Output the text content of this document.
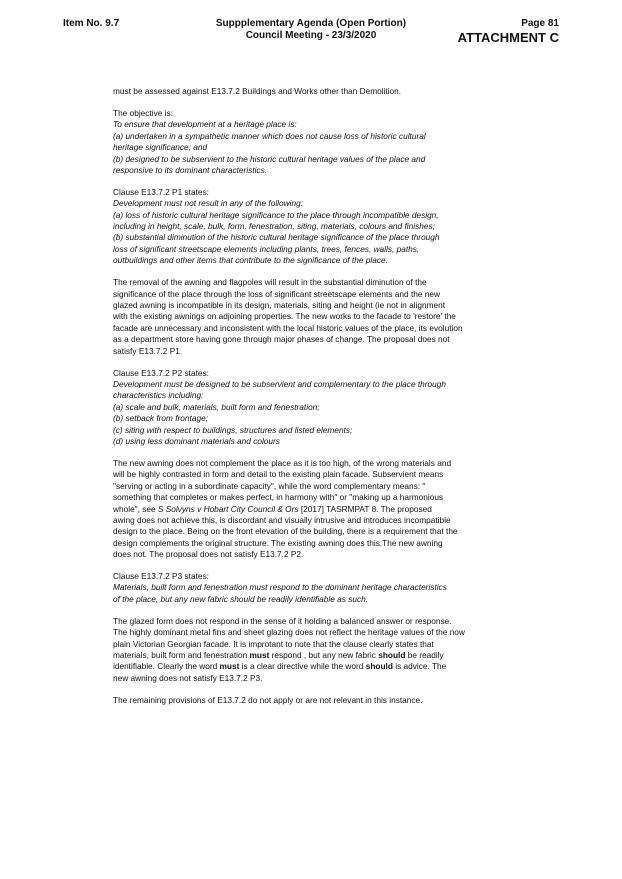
Item No. 9.7	Suppplementary Agenda (Open Portion)
Council Meeting - 23/3/2020
Page 81
ATTACHMENT C

must be assessed against E13.7.2 Buildings and Works other than Demolition.

The objective is:
To ensure that development at a heritage place is:
(a) undertaken in a sympathetic manner which does not cause loss of historic cultural
heritage significance; and
(b) designed to be subservient to the historic cultural heritage values of the place and
responsive to its dominant characteristics.

Clause E13.7.2 P1 states:
Development must not result in any of the following:
(a) loss of historic cultural heritage significance to the place through incompatible design,
including in height, scale, bulk, form, fenestration, siting, materials, colours and finishes;
(b) substantial diminution of the historic cultural heritage significance of the place through
loss of significant streetscape elements including plants, trees, fences, walls, paths,
outbuildings and other items that contribute to the significance of the place.

The removal of the awning and flagpoles will result in the substantial diminution of the
significance of the place through the loss of significant streetscape elements and the new
glazed awning is incompatible in its design, materials, siting and height (ie not in alignment
with the existing awnings on adjoining properties. The new works to the facade to 'restore' the
facade are unnecessary and inconsistent with the local historic values of the place, its evolution
as a department store having gone through major phases of change. The proposal does not
satisfy E13.7.2 P1.

Clause E13.7.2 P2 states:
Development must be designed to be subservient and complementary to the place through
characteristics including:
(a) scale and bulk, materials, built form and fenestration;
(b) setback from frontage;
(c) siting with respect to buildings, structures and listed elements;
(d) using less dominant materials and colours

The new awning does not complement the place as it is too high, of the wrong materials and
will be highly contrasted in form and detail to the existing plain facade. Subservient means
"serving or acting in a subordinate capacity", while the word complementary means: "
something that completes or makes perfect, in harmony with" or "making up a harmonious
whole", see S Solvyns v Hobart City Council & Ors [2017] TASRMPAT 8. The proposed
awing does not achieve this, is discordant and visually intrusive and introduces incompatible
design to the place. Being on the front elevation of the building, there is a requirement that the
design complements the original structure. The existing awning does this.The new awning
does not. The proposal does not satisfy E13.7.2 P2.

Clause E13.7.2 P3 states:
Materials, built form and fenestration must respond to the dominant heritage characteristics
of the place, but any new fabric should be readily identifiable as such.

The glazed form does not respond in the sense of it holding a balanced answer or response.
The highly dominant metal fins and sheet glazing does not reflect the heritage values of the now
plain Victorian Georgian facade. It is improtant to note that the clause clearly states that
materials, built form and fenestration must respond , but any new fabric should be readily
identifiable. Clearly the word must is a clear directive while the word should is advice. The
new awning does not satisfy E13.7.2 P3.

The remaining provisions of E13.7.2 do not apply or are not relevant in this instance.
